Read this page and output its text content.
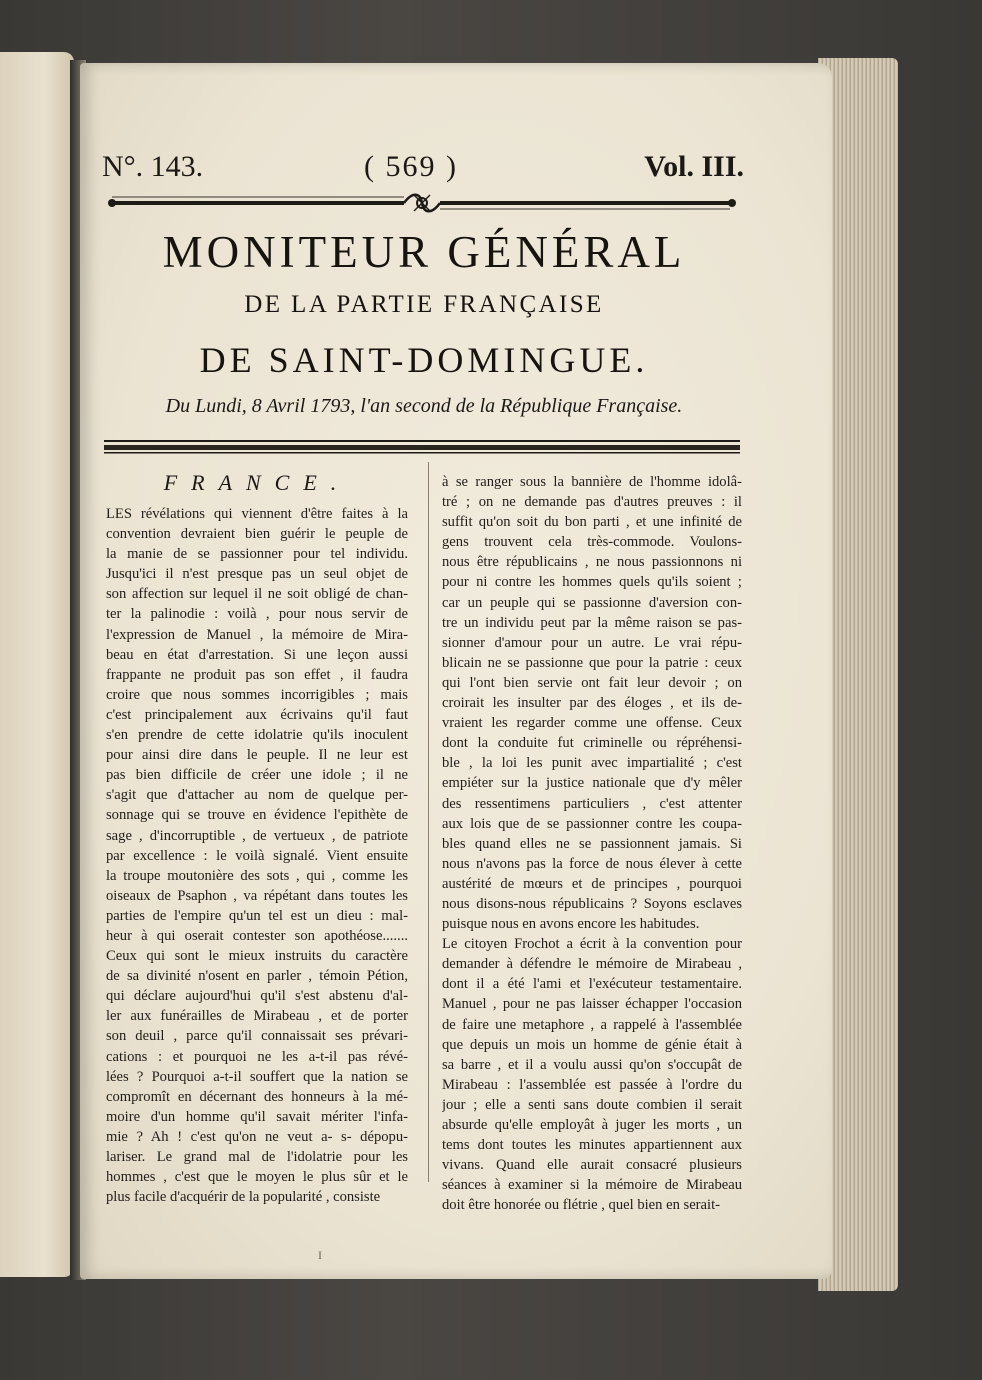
N°. 143.	( 569 )	Vol. III.
MONITEUR GÉNÉRAL
DE LA PARTIE FRANÇAISE
DE SAINT-DOMINGUE.
Du Lundi, 8 Avril 1793, l'an second de la République Française.
FRANCE.
LES révélations qui viennent d'être faites à la
convention devraient bien guérir le peuple de
la manie de se passionner pour tel individu.
Jusqu'ici il n'est presque pas un seul objet de
son affection sur lequel il ne soit obligé de chan-
ter la palinodie : voilà , pour nous servir de
l'expression de Manuel , la mémoire de Mira-
beau en état d'arrestation. Si une leçon aussi
frappante ne produit pas son effet , il faudra
croire que nous sommes incorrigibles ; mais
c'est principalement aux écrivains qu'il faut
s'en prendre de cette idolatrie qu'ils inoculent
pour ainsi dire dans le peuple. Il ne leur est
pas bien difficile de créer une idole ; il ne
s'agit que d'attacher au nom de quelque per-
sonnage qui se trouve en évidence l'epithète de
sage , d'incorruptible , de vertueux , de patriote
par excellence : le voilà signalé. Vient ensuite
la troupe moutonière des sots , qui , comme les
oiseaux de Psaphon , va répétant dans toutes les
parties de l'empire qu'un tel est un dieu : mal-
heur à qui oserait contester son apothéose.......
Ceux qui sont le mieux instruits du caractère
de sa divinité n'osent en parler , témoin Pétion,
qui déclare aujourd'hui qu'il s'est abstenu d'al-
ler aux funérailles de Mirabeau , et de porter
son deuil , parce qu'il connaissait ses prévari-
cations : et pourquoi ne les a-t-il pas révé-
lées ? Pourquoi a-t-il souffert que la nation se
compromît en décernant des honneurs à la mé-
moire d'un homme qu'il savait mériter l'infa-
mie ? Ah ! c'est qu'on ne veut a- s- dépopu-
lariser. Le grand mal de l'idolatrie pour les
hommes , c'est que le moyen le plus sûr et le
plus facile d'acquérir de la popularité , consiste
à se ranger sous la bannière de l'homme idolâ-
tré ; on ne demande pas d'autres preuves : il
suffit qu'on soit du bon parti , et une infinité de
gens trouvent cela très-commode. Voulons-
nous être républicains , ne nous passionnons ni
pour ni contre les hommes quels qu'ils soient ;
car un peuple qui se passionne d'aversion con-
tre un individu peut par la même raison se pas-
sionner d'amour pour un autre. Le vrai répu-
blicain ne se passionne que pour la patrie : ceux
qui l'ont bien servie ont fait leur devoir ; on
croirait les insulter par des éloges , et ils de-
vraient les regarder comme une offense. Ceux
dont la conduite fut criminelle ou répréhensi-
ble , la loi les punit avec impartialité ; c'est
empiéter sur la justice nationale que d'y mêler
des ressentimens particuliers , c'est attenter
aux lois que de se passionner contre les coupa-
bles quand elles ne se passionnent jamais. Si
nous n'avons pas la force de nous élever à cette
austérité de mœurs et de principes , pourquoi
nous disons-nous républicains ? Soyons esclaves
puisque nous en avons encore les habitudes.
Le citoyen Frochot a écrit à la convention pour
demander à défendre le mémoire de Mirabeau ,
dont il a été l'ami et l'exécuteur testamentaire.
Manuel , pour ne pas laisser échapper l'occasion
de faire une metaphore , a rappelé à l'assemblée
que depuis un mois un homme de génie était à
sa barre , et il a voulu aussi qu'on s'occupât de
Mirabeau : l'assemblée est passée à l'ordre du
jour ; elle a senti sans doute combien il serait
absurde qu'elle employât à juger les morts , un
tems dont toutes les minutes appartiennent aux
vivans. Quand elle aurait consacré plusieurs
séances à examiner si la mémoire de Mirabeau
doit être honorée ou flétrie , quel bien en serait-
I
